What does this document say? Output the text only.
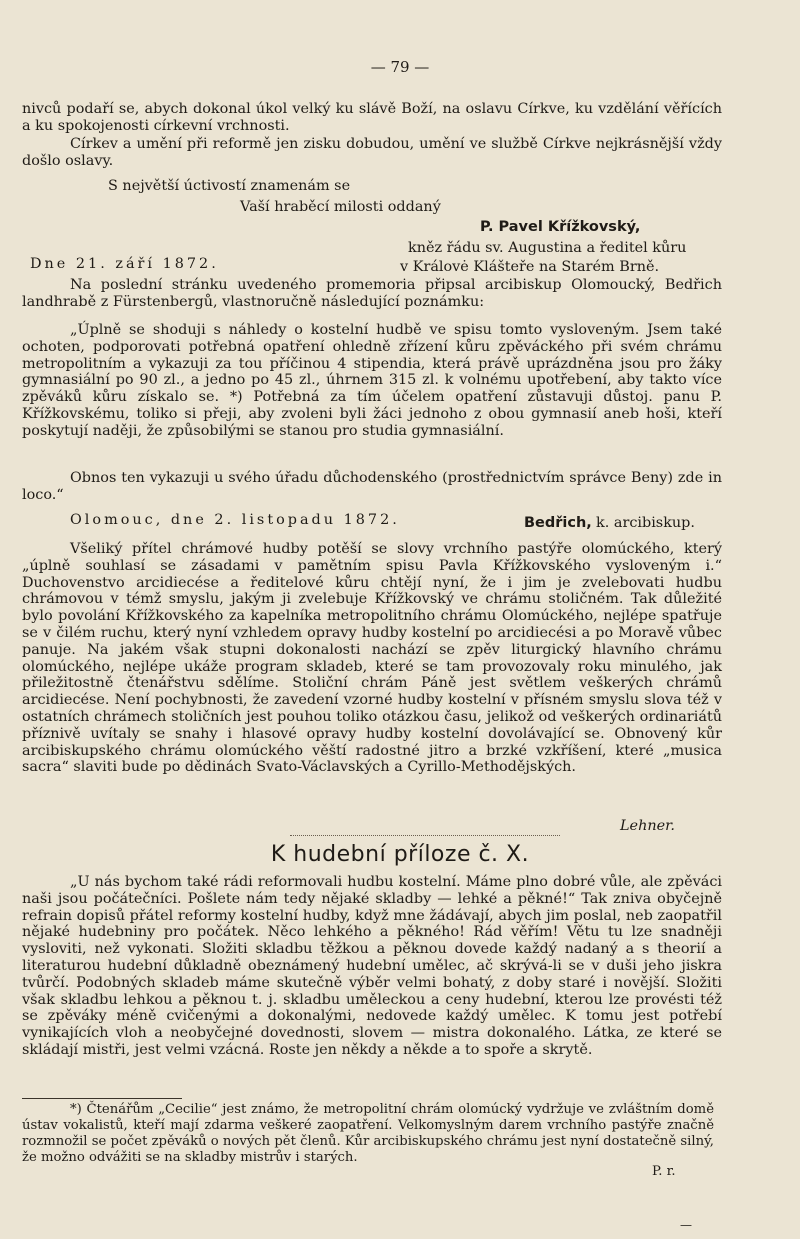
— 79 —
nivců podaří se, abych dokonal úkol velký ku slávě Boží, na oslavu Církve, ku vzdělání věřících a ku spokojenosti církevní vrchnosti.
Církev a umění při reformě jen zisku dobudou, umění ve službě Církve nejkrásnější vždy došlo oslavy.
S největší úctivostí znamenám se
Vaší hraběcí milosti oddaný
P. Pavel Křížkovský,
kněz řádu sv. Augustina a ředitel kůru
Dne 21. září 1872.	v Královė Klášteře na Starém Brně.
Na poslední stránku uvedeného promemoria připsal arcibiskup Olomoucký, Bedřich landhrabě z Fürstenbergů, vlastnoručně následující poznámku:
„Úplně se shoduji s náhledy o kostelní hudbě ve spisu tomto vysloveným. Jsem také ochoten, podporovati potřebná opatření ohledně zřízení kůru zpěváckého při svém chrámu metropolitním a vykazuji za tou příčinou 4 stipendia, která právě uprázdněna jsou pro žáky gymnasiální po 90 zl., a jedno po 45 zl., úhrnem 315 zl. k volnému upotřebení, aby takto více zpěváků kůru získalo se. *) Potřebná za tím účelem opatření zůstavuji důstoj. panu P. Křížkovskému, toliko si přeji, aby zvoleni byli žáci jednoho z obou gymnasií aneb hoši, kteří poskytují naději, že způsobilými se stanou pro studia gymnasiální.
Obnos ten vykazuji u svého úřadu důchodenského (prostřednictvím správce Beny) zde in loco.“
Olomouc, dne 2. listopadu 1872.	Bedřich, k. arcibiskup.
Všeliký přítel chrámové hudby potěší se slovy vrchního pastýře olomúckého, který „úplně souhlasí se zásadami v pamětním spisu Pavla Křížkovského vysloveným i.“ Duchovenstvo arcidiecése a ředitelové kůru chtějí nyní, že i jim je zvelebovati hudbu chrámovou v témž smyslu, jakým ji zvelebuje Křížkovský ve chrámu stoličném. Tak důležité bylo povolání Křížkovského za kapelníka metropolitního chrámu Olomúckého, nejlépe spatřuje se v čilém ruchu, který nyní vzhledem opravy hudby kostelní po arcidiecési a po Moravě vůbec panuje. Na jakém však stupni dokonalosti nachází se zpěv liturgický hlavního chrámu olomúckého, nejlépe ukáže program skladeb, které se tam provozovaly roku minulého, jak přiležitostně čtenářstvu sdělíme. Stoliční chrám Páně jest světlem veškerých chrámů arcidiecése. Není pochybnosti, že zavedení vzorné hudby kostelní v přísném smyslu slova též v ostatních chrámech stoličních jest pouhou toliko otázkou času, jelikož od veškerých ordinariátů příznivě uvítaly se snahy i hlasové opravy hudby kostelní dovolávající se. Obnovený kůr arcibiskupského chrámu olomúckého věští radostné jitro a brzké vzkříšení, které „musica sacra“ slaviti bude po dědinách Svato-Václavských a Cyrillo-Methodějských.
Lehner.
K hudební příloze č. X.
„U nás bychom také rádi reformovali hudbu kostelní. Máme plno dobré vůle, ale zpěváci naši jsou počátečníci. Pošlete nám tedy nějaké skladby — lehké a pěkné!“ Tak zniva obyčejně refrain dopisů přátel reformy kostelní hudby, když mne žádávají, abych jim poslal, neb zaopatřil nějaké hudebniny pro počátek. Něco lehkého a pěkného! Rád věřím! Větu tu lze snadněji vysloviti, než vykonati. Složiti skladbu těžkou a pěknou dovede každý nadaný a s theorií a literaturou hudební důkladně obeznámený hudební umělec, ač skrývá-li se v duši jeho jiskra tvůrčí. Podobných skladeb máme skutečně výběr velmi bohatý, z doby staré i novější. Složiti však skladbu lehkou a pěknou t. j. skladbu uměleckou a ceny hudební, kterou lze provésti též se zpěváky méně cvičenými a dokonalými, nedovede každý umělec. K tomu jest potřebí vynikajících vloh a neobyčejné dovednosti, slovem — mistra dokonalého. Látka, ze které se skládají mistři, jest velmi vzácná. Roste jen někdy a někde a to spoře a skrytě.
*) Čtenářům „Cecilie“ jest známo, že metropolitní chrám olomúcký vydržuje ve zvláštním domě ústav vokalistů, kteří mají zdarma veškeré zaopatření. Velkomyslným darem vrchního pastýře značně rozmnožil se počet zpěváků o nových pět členů. Kůr arcibiskupského chrámu jest nyní dostatečně silný, že možno odvážiti se na skladby mistrův i starých.
P. r.
—
